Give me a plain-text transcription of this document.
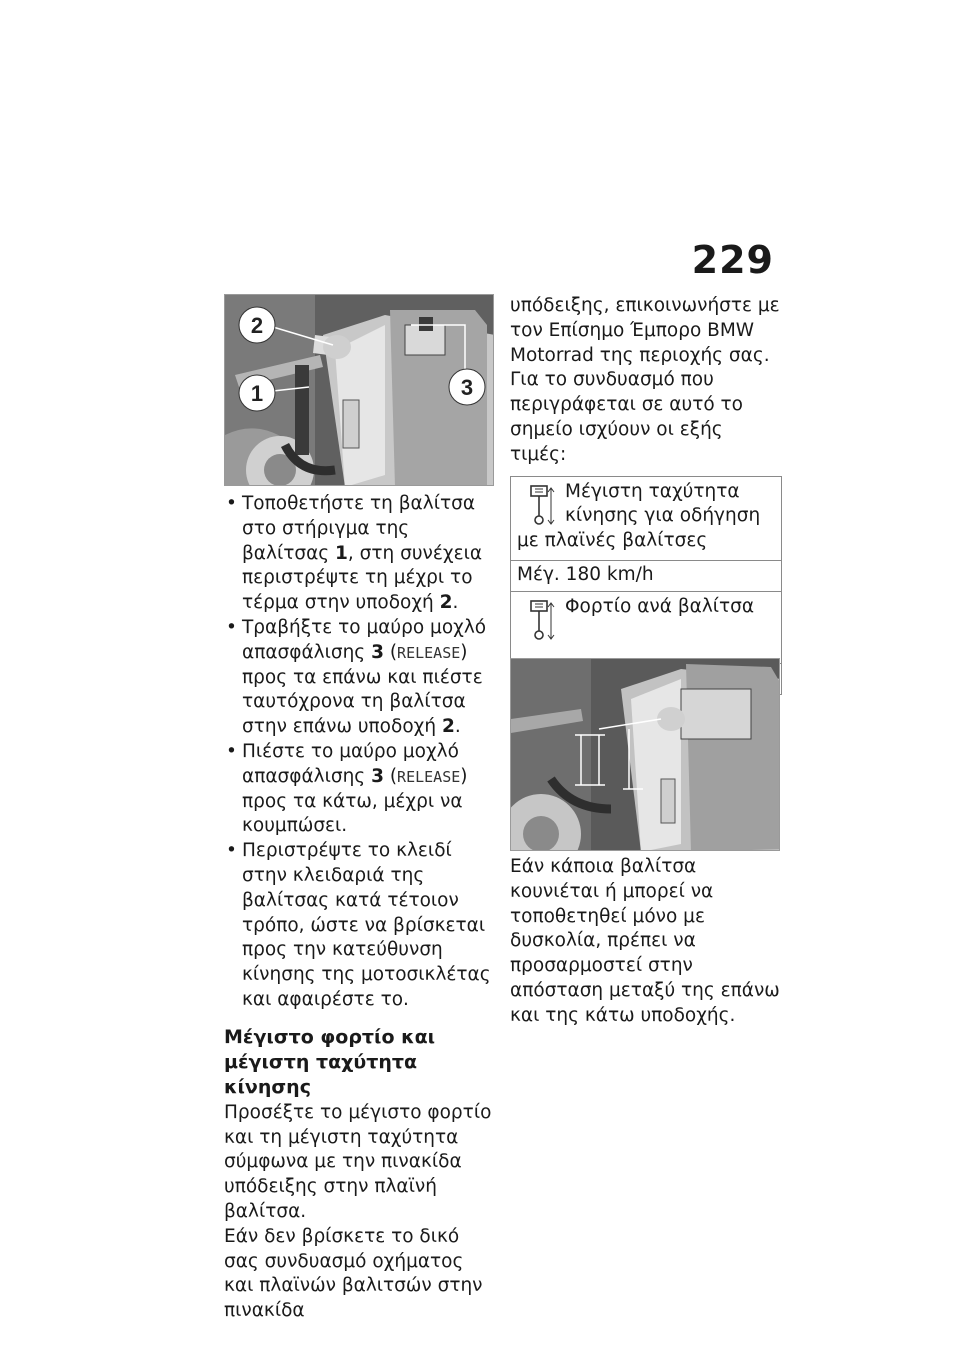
229
2
1	3
• Τοποθετήστε τη βαλίτσα στο στήριγμα της βαλίτσας 1, στη συνέχεια περιστρέψτε τη μέχρι το τέρμα στην υποδοχή 2.
• Τραβήξτε το μαύρο μοχλό απασφάλισης 3 (RELEASE) προς τα επάνω και πιέστε ταυτόχρονα τη βαλίτσα στην επάνω υποδοχή 2.
• Πιέστε το μαύρο μοχλό απασφάλισης 3 (RELEASE) προς τα κάτω, μέχρι να κουμπώσει.
• Περιστρέψτε το κλειδί στην κλειδαριά της βαλίτσας κατά τέτοιον τρόπο, ώστε να βρίσκεται προς την κατεύθυνση κίνησης της μοτοσικλέτας και αφαιρέστε το.
Μέγιστο φορτίο και μέγιστη ταχύτητα κίνησης

Προσέξτε το μέγιστο φορτίο και τη μέγιστη ταχύτητα σύμφωνα με την πινακίδα υπόδειξης στην πλαϊνή βαλίτσα.

Εάν δεν βρίσκετε το δικό σας συνδυασμό οχήματος και πλαϊνών βαλιτσών στην πινακίδα

υπόδειξης, επικοινωνήστε με τον Επίσημο Έμπορο BMW Motorrad της περιοχής σας.

Για το συνδυασμό που περιγράφεται σε αυτό το σημείο ισχύουν οι εξής τιμές:

Μέγιστη ταχύτητα κίνησης για οδήγηση με πλαϊνές βαλίτσες
Μέγ. 180 km/h
Φορτίο ανά βαλίτσα

Εάν κάποια βαλίτσα κουνιέται ή μπορεί να τοποθετηθεί μόνο με δυσκολία, πρέπει να προσαρμοστεί στην απόσταση μεταξύ της επάνω και της κάτω υποδοχής.
